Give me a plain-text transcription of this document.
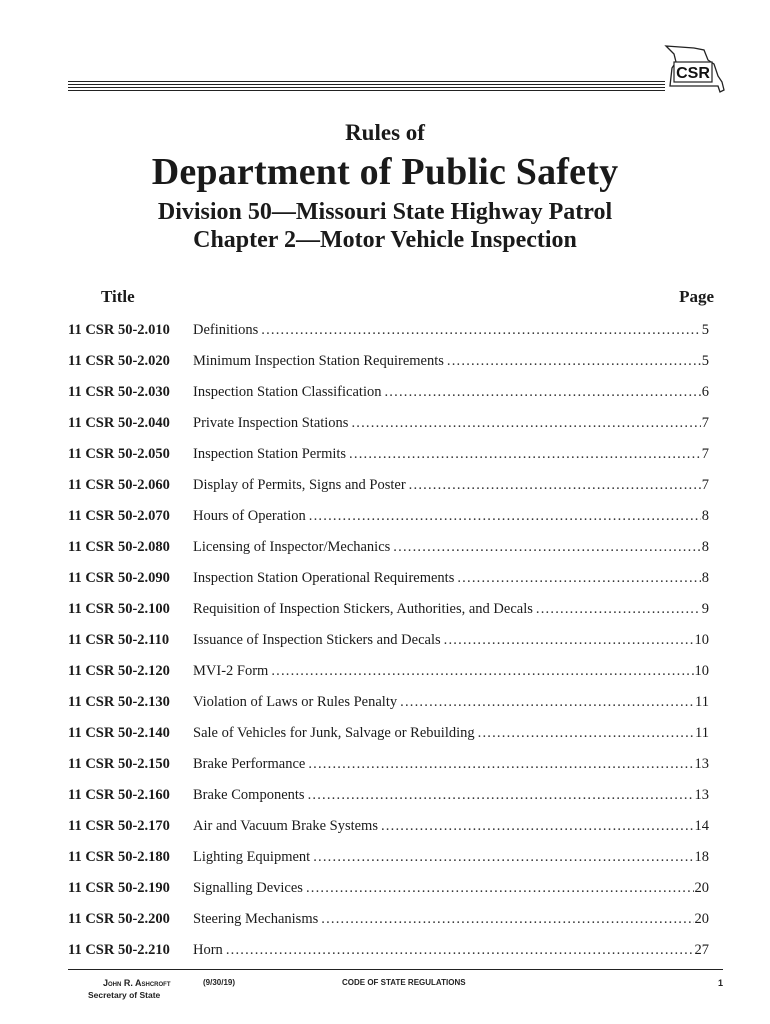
CSR
Rules of
Department of Public Safety
Division 50—Missouri State Highway Patrol
Chapter 2—Motor Vehicle Inspection
Title	Page
11 CSR 50-2.010 Definitions .....	5
11 CSR 50-2.020 Minimum Inspection Station Requirements .....	5
11 CSR 50-2.030 Inspection Station Classification .....	6
11 CSR 50-2.040 Private Inspection Stations .....	7
11 CSR 50-2.050 Inspection Station Permits .....	7
11 CSR 50-2.060 Display of Permits, Signs and Poster .....	7
11 CSR 50-2.070 Hours of Operation .....	8
11 CSR 50-2.080 Licensing of Inspector/Mechanics .....	8
11 CSR 50-2.090 Inspection Station Operational Requirements .....	8
11 CSR 50-2.100 Requisition of Inspection Stickers, Authorities, and Decals .....	9
11 CSR 50-2.110 Issuance of Inspection Stickers and Decals .....	10
11 CSR 50-2.120 MVI-2 Form .....	10
11 CSR 50-2.130 Violation of Laws or Rules Penalty .....	11
11 CSR 50-2.140 Sale of Vehicles for Junk, Salvage or Rebuilding .....	11
11 CSR 50-2.150 Brake Performance .....	13
11 CSR 50-2.160 Brake Components .....	13
11 CSR 50-2.170 Air and Vacuum Brake Systems .....	14
11 CSR 50-2.180 Lighting Equipment .....	18
11 CSR 50-2.190 Signalling Devices .....	20
11 CSR 50-2.200 Steering Mechanisms .....	20
11 CSR 50-2.210 Horn .....	27
John R. Ashcroft
Secretary of State
(9/30/19)	CODE OF STATE REGULATIONS	1
